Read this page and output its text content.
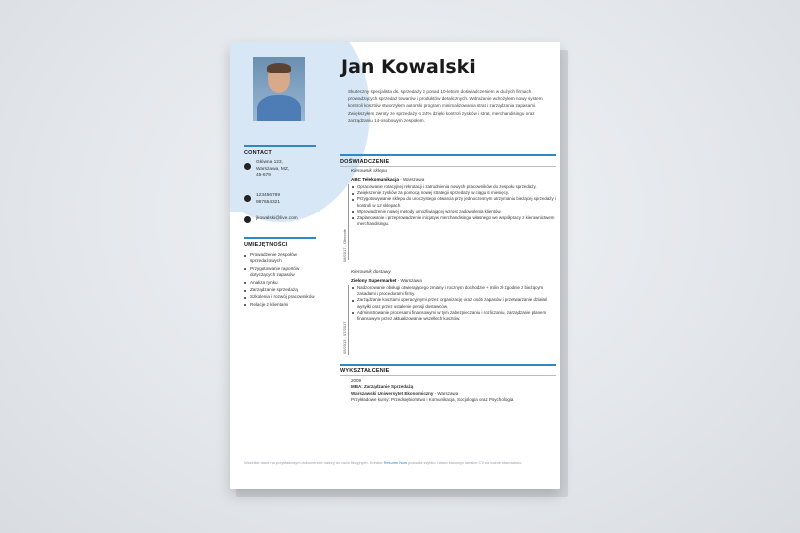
Jan Kowalski
Skuteczny specjalista ds. sprzedaży z ponad 10-letnim doświadczeniem w dużych firmach prowadzących sprzedaż towarów i produktów detalicznych. Wdrażanie wdrożyłem nowy system kontroli kosztów stworzyłem autorski program minimalizowania strat i zarządzania zapasami. Zwiększyłem zwroty ze sprzedaży o 24% dzięki kontroli zysków i strat, merchandisingu oraz zarządzaniu 14-osobowym zespołem.
CONTACT
Główna 123,
Warszawa, MZ,
45-679
123456789
987654321
jkowalski@live.com
UMIEJĘTNOŚCI
Prowadzenie zespołów sprzedażowych
Przygotowanie raportów dotyczących zapasów
Analiza rynku
Zarządzanie sprzedażą
Szkolenia i rozwój pracowników
Relacje z klientami
DOŚWIADCZENIE
Kierownik sklepu
ABC Telekomunikacja - Warszawa
08/2017 - Obecnie
Opracowanie rotacyjnej rekrutacji i zatrudnienia nowych pracowników do zespołu sprzedaży.
Zwiększenie zysków za pomocą nowej strategii sprzedaży w ciągu 6 miesięcy.
Przygotowywanie sklepu do uroczystego otwarcia przy jednoczesnym utrzymaniu bieżącej sprzedaży i kontroli w 12 sklepach.
Wprowadzenie nowej metody umożliwiającej wzrost zadowolenia klientów.
Zaplanowanie i przeprowadzenie inicjatyw merchandisingu własnego we współpracy z kierownictwem merchandisingu.
Kierownik dostawy
Zielony Supermarket - Warszawa
05/2013 - 07/2017
Nadzorowanie obsługi otwierającego zmiany i rocznym dochodzie + milin zł zgodnie z bieżącym zasadami i procedurami firmy.
Zarządzanie kosztami operacyjnymi przez organizację oraz osób zapasów i przetwarzanie działań wysyłki oraz przez ustalenie pensji dostawców.
Administrowanie procesami finansowymi w tym zabezpieczaniu i rozliczaniu, zarządzanie planem finansowym przez aktualizowanie wszelkich kosztów.
WYKSZTAŁCENIE
2009
MBA: Zarządzanie Sprzedażą
Warszawski Uniwersytet Ekonomiczny - Warszawa
Przykładowe kursy: Przedsiębiorstwo i Komunikacja, Socjologia oraz Psychologia
Wszelkie dane na przykładowym dokumencie należy do osób fikcyjnych. Kreator Resume Now pozwala szybko i łatwo stworzyć idealne CV na każde stanowisko.
